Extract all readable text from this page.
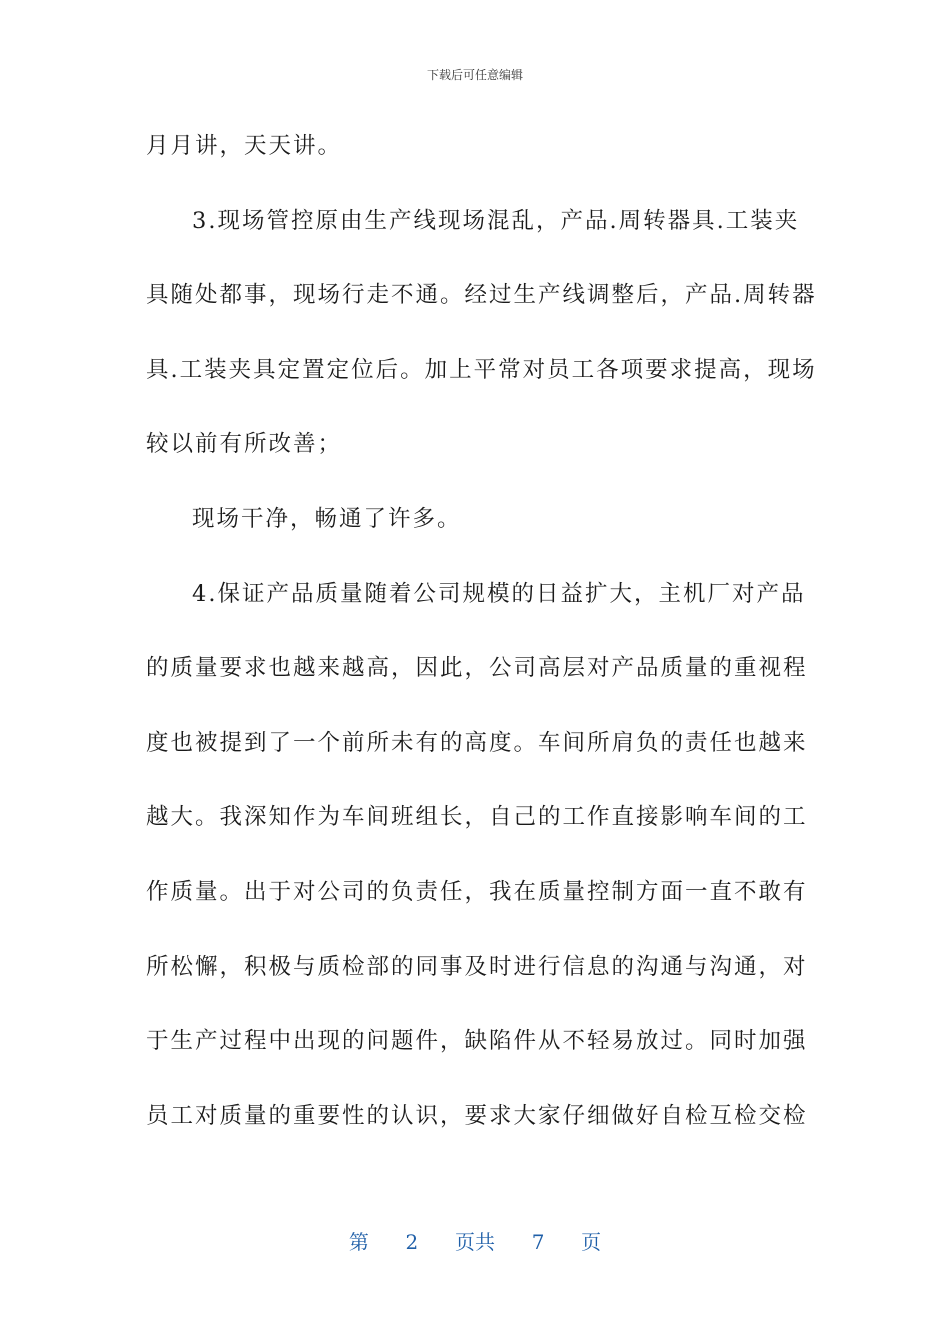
下载后可任意编辑
月月讲，天天讲。
3.现场管控原由生产线现场混乱，产品.周转器具.工装夹
具随处都事，现场行走不通。经过生产线调整后，产品.周转器
具.工装夹具定置定位后。加上平常对员工各项要求提高，现场
较以前有所改善；
现场干净，畅通了许多。
4.保证产品质量随着公司规模的日益扩大，主机厂对产品
的质量要求也越来越高，因此，公司高层对产品质量的重视程
度也被提到了一个前所未有的高度。车间所肩负的责任也越来
越大。我深知作为车间班组长，自己的工作直接影响车间的工
作质量。出于对公司的负责任，我在质量控制方面一直不敢有
所松懈，积极与质检部的同事及时进行信息的沟通与沟通，对
于生产过程中出现的问题件，缺陷件从不轻易放过。同时加强
员工对质量的重要性的认识，要求大家仔细做好自检互检交检
第 2 页共 7 页
